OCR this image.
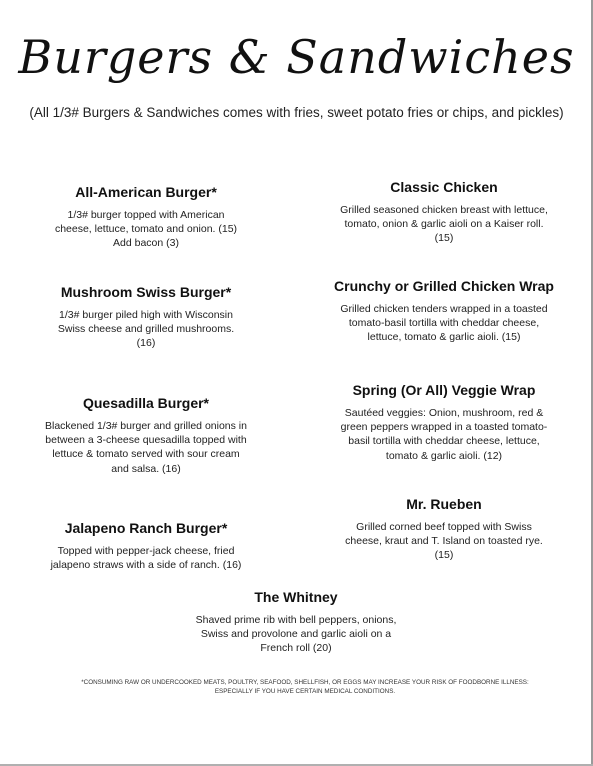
Burgers & Sandwiches
(All 1/3# Burgers & Sandwiches comes with fries, sweet potato fries or chips, and pickles)
All-American Burger*
1/3# burger topped with American cheese, lettuce, tomato and onion. (15)
Add bacon (3)
Mushroom Swiss Burger*
1/3# burger piled high with Wisconsin Swiss cheese and grilled mushrooms. (16)
Quesadilla Burger*
Blackened 1/3# burger and grilled onions in between a 3-cheese quesadilla topped with lettuce & tomato served with sour cream and salsa. (16)
Jalapeno Ranch Burger*
Topped with pepper-jack cheese, fried jalapeno straws with a side of ranch. (16)
Classic Chicken
Grilled seasoned chicken breast with lettuce, tomato, onion & garlic aioli on a Kaiser roll. (15)
Crunchy or Grilled Chicken Wrap
Grilled chicken tenders wrapped in a toasted tomato-basil tortilla with cheddar cheese, lettuce, tomato & garlic aioli. (15)
Spring (Or All) Veggie Wrap
Sautéed veggies: Onion, mushroom, red & green peppers wrapped in a toasted tomato-basil tortilla with cheddar cheese, lettuce, tomato & garlic aioli. (12)
Mr. Rueben
Grilled corned beef topped with Swiss cheese, kraut and T. Island on toasted rye. (15)
The Whitney
Shaved prime rib with bell peppers, onions, Swiss and provolone and garlic aioli on a French roll (20)
*CONSUMING RAW OR UNDERCOOKED MEATS, POULTRY, SEAFOOD, SHELLFISH, OR EGGS MAY INCREASE YOUR RISK OF FOODBORNE ILLNESS: ESPECIALLY IF YOU HAVE CERTAIN MEDICAL CONDITIONS.
